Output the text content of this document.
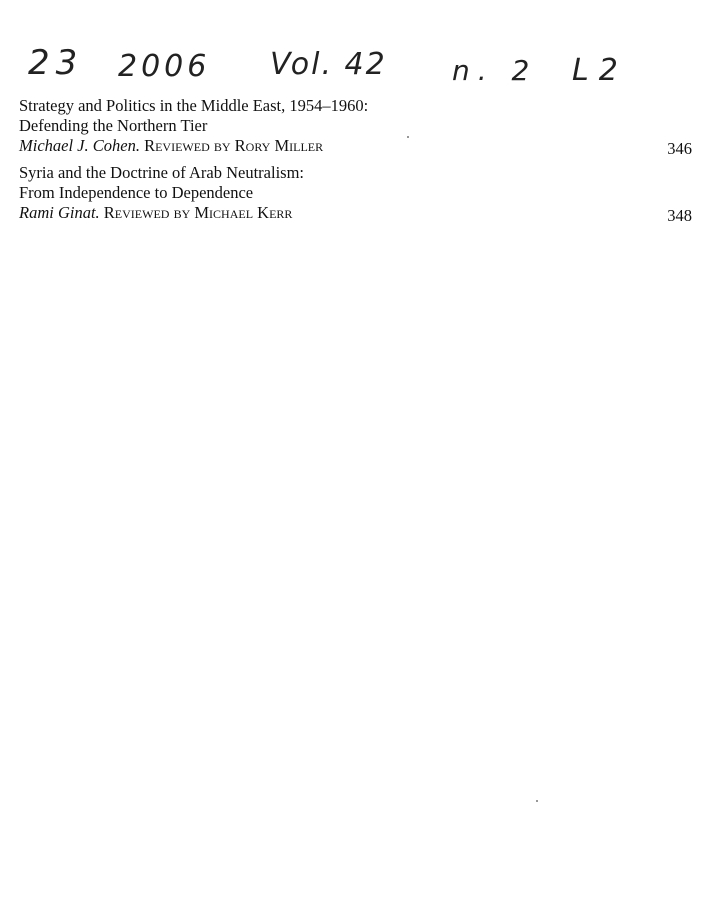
23 2006 Vol. 42 n. 2 L2
Strategy and Politics in the Middle East, 1954–1960:
Defending the Northern Tier
Michael J. Cohen. Reviewed by Rory Miller	346
Syria and the Doctrine of Arab Neutralism:
From Independence to Dependence
Rami Ginat. Reviewed by Michael Kerr	348
